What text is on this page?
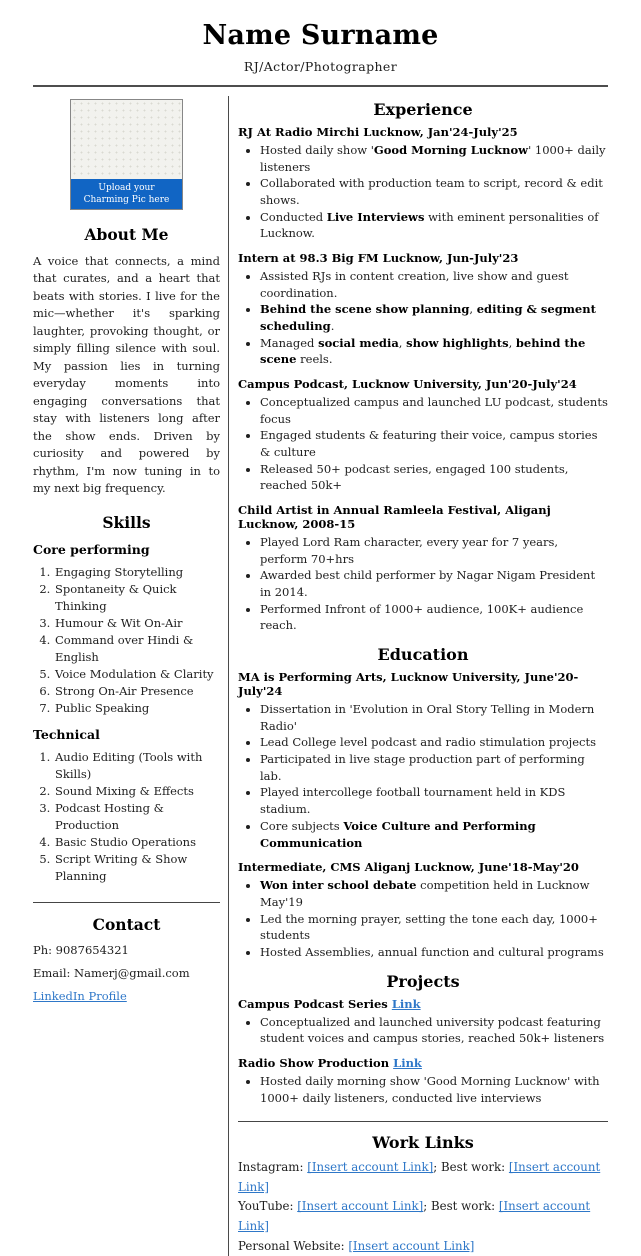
Name Surname
RJ/Actor/Photographer
Upload your Charming Pic here
About Me

A voice that connects, a mind that curates, and a heart that beats with stories. I live for the mic—whether it's sparking laughter, provoking thought, or simply filling silence with soul. My passion lies in turning everyday moments into engaging conversations that stay with listeners long after the show ends. Driven by curiosity and powered by rhythm, I'm now tuning in to my next big frequency.

Skills
Core performing
1. Engaging Storytelling
2. Spontaneity & Quick Thinking
3. Humour & Wit On-Air
4. Command over Hindi & English
5. Voice Modulation & Clarity
6. Strong On-Air Presence
7. Public Speaking
Technical
1. Audio Editing (Tools with Skills)
2. Sound Mixing & Effects
3. Podcast Hosting & Production
4. Basic Studio Operations
5. Script Writing & Show Planning
Contact
Ph: 9087654321
Email: Namerj@gmail.com
LinkedIn Profile
Experience
RJ At Radio Mirchi Lucknow, Jan'24-July'25
• Hosted daily show 'Good Morning Lucknow' 1000+ daily listeners
• Collaborated with production team to script, record & edit shows.
• Conducted Live Interviews with eminent personalities of Lucknow.
Intern at 98.3 Big FM Lucknow, Jun-July'23
• Assisted RJs in content creation, live show and guest coordination.
• Behind the scene show planning, editing & segment scheduling.
• Managed social media, show highlights, behind the scene reels.
Campus Podcast, Lucknow University, Jun'20-July'24
• Conceptualized campus and launched LU podcast, students focus
• Engaged students & featuring their voice, campus stories & culture
• Released 50+ podcast series, engaged 100 students, reached 50k+
Child Artist in Annual Ramleela Festival, Aliganj Lucknow, 2008-15
• Played Lord Ram character, every year for 7 years, perform 70+hrs
• Awarded best child performer by Nagar Nigam President in 2014.
• Performed Infront of 1000+ audience, 100K+ audience reach.
Education
MA is Performing Arts, Lucknow University, June'20-July'24
• Dissertation in 'Evolution in Oral Story Telling in Modern Radio'
• Lead College level podcast and radio stimulation projects
• Participated in live stage production part of performing lab.
• Played intercollege football tournament held in KDS stadium.
• Core subjects Voice Culture and Performing Communication
Intermediate, CMS Aliganj Lucknow, June'18-May'20
• Won inter school debate competition held in Lucknow May'19
• Led the morning prayer, setting the tone each day, 1000+ students
• Hosted Assemblies, annual function and cultural programs
Projects
Campus Podcast Series Link
• Conceptualized and launched university podcast featuring student voices and campus stories, reached 50k+ listeners
Radio Show Production Link
• Hosted daily morning show 'Good Morning Lucknow' with 1000+ daily listeners, conducted live interviews
Work Links
Instagram: [Insert account Link]; Best work: [Insert account Link]
YouTube: [Insert account Link]; Best work: [Insert account Link]
Personal Website: [Insert account Link]
